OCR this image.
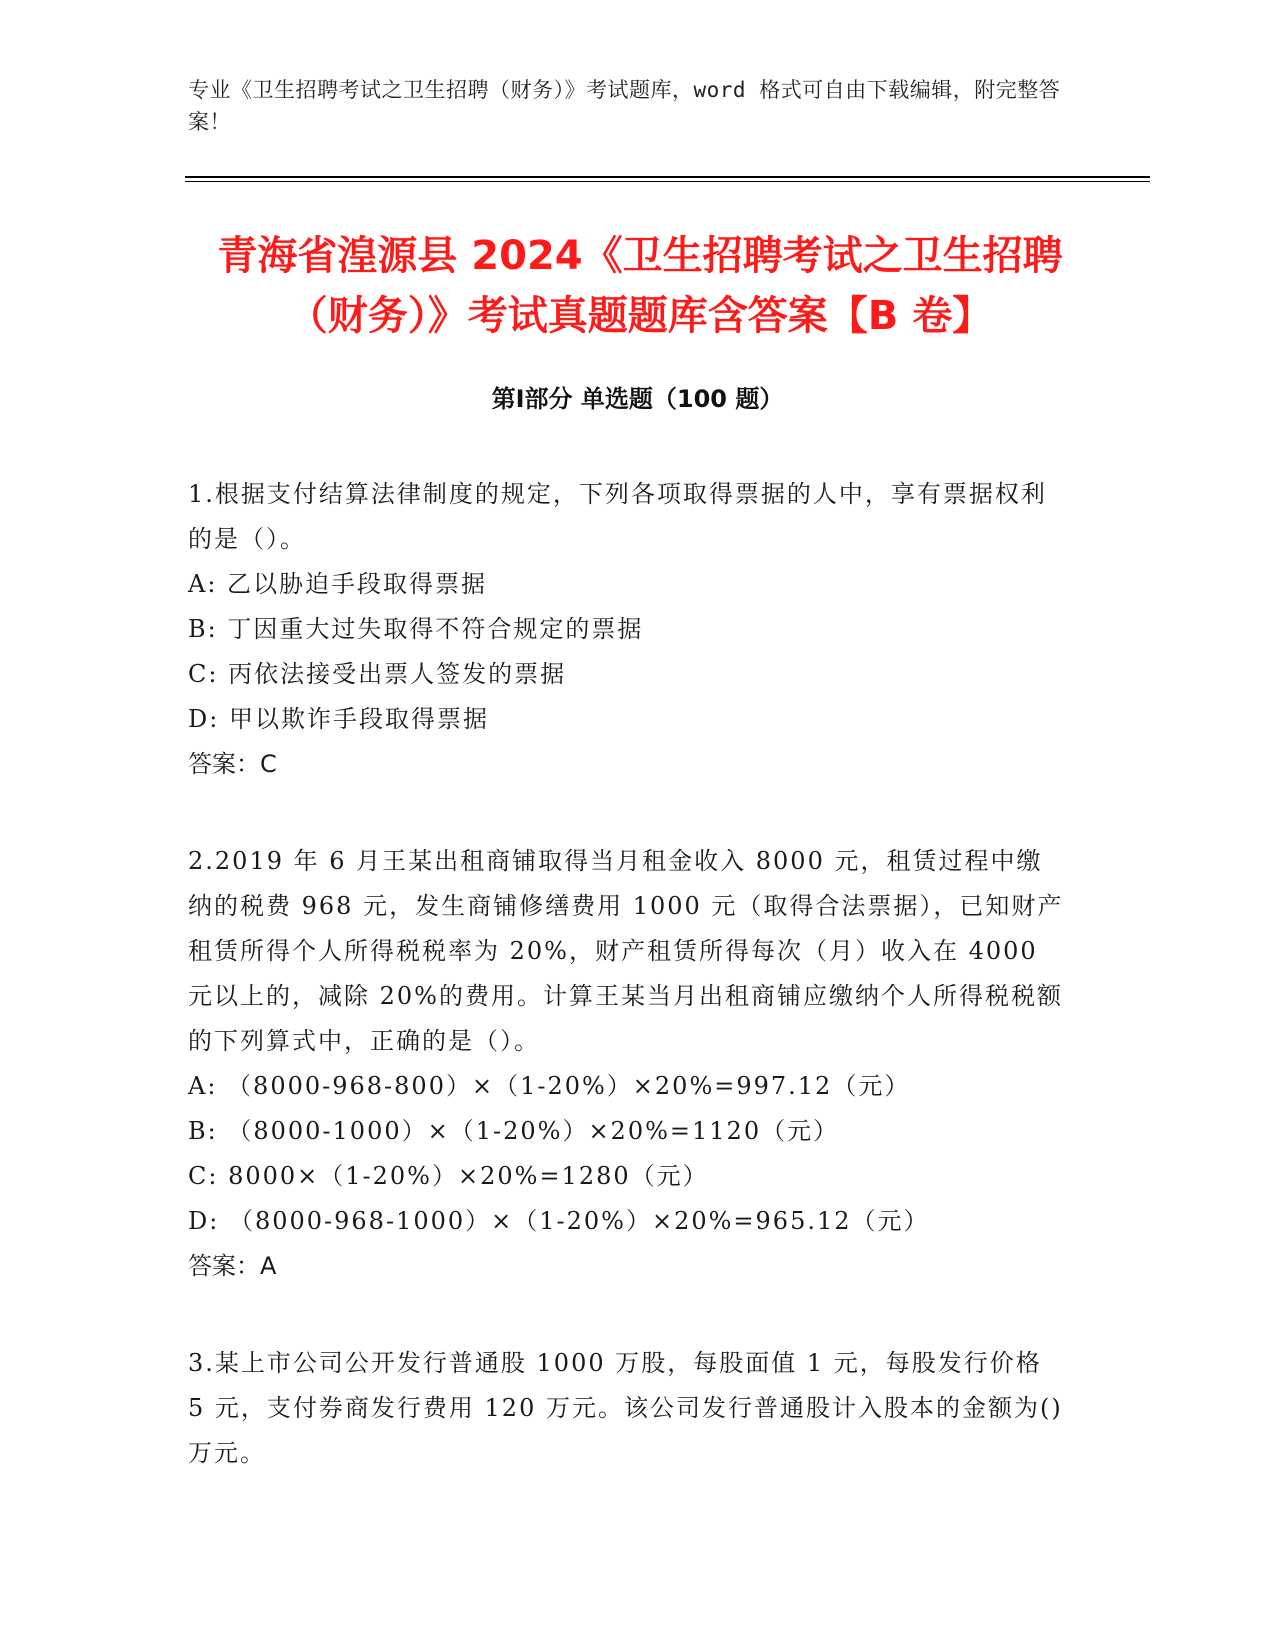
专业《卫生招聘考试之卫生招聘（财务）》考试题库，word 格式可自由下载编辑，附完整答案！
青海省湟源县 2024《卫生招聘考试之卫生招聘（财务）》考试真题题库含答案【B 卷】
第Ⅰ部分 单选题（100 题）

1.根据支付结算法律制度的规定，下列各项取得票据的人中，享有票据权利的是（）。

A: 乙以胁迫手段取得票据

B: 丁因重大过失取得不符合规定的票据

C: 丙依法接受出票人签发的票据

D: 甲以欺诈手段取得票据

答案：C

2.2019 年 6 月王某出租商铺取得当月租金收入 8000 元，租赁过程中缴纳的税费 968 元，发生商铺修缮费用 1000 元（取得合法票据），已知财产租赁所得个人所得税税率为 20%，财产租赁所得每次（月）收入在 4000 元以上的，减除 20%的费用。计算王某当月出租商铺应缴纳个人所得税税额的下列算式中，正确的是（）。

A: （8000-968-800）×（1-20%）×20%=997.12（元）

B: （8000-1000）×（1-20%）×20%=1120（元）

C: 8000×（1-20%）×20%=1280（元）

D: （8000-968-1000）×（1-20%）×20%=965.12（元）

答案：A

3.某上市公司公开发行普通股 1000 万股，每股面值 1 元，每股发行价格 5 元，支付券商发行费用 120 万元。该公司发行普通股计入股本的金额为()万元。
